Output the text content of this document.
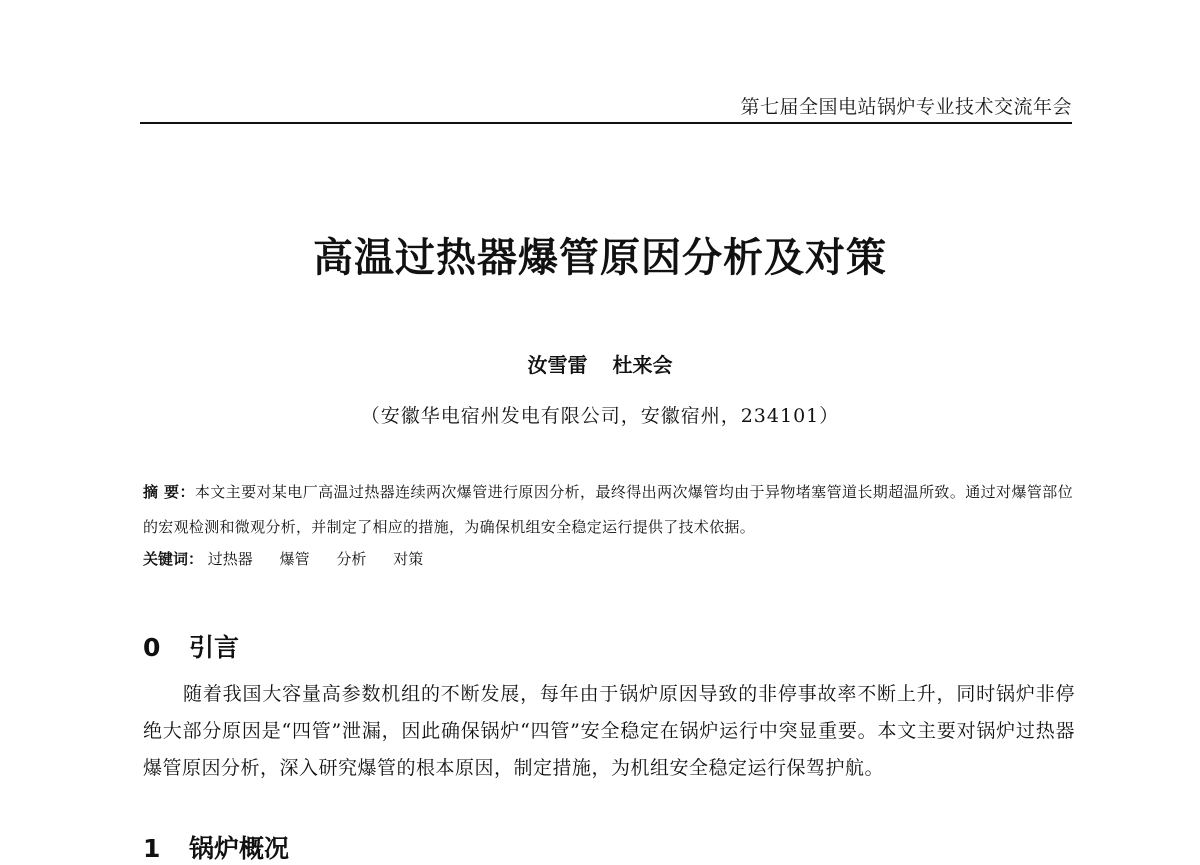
第七届全国电站锅炉专业技术交流年会
高温过热器爆管原因分析及对策
汝雪雷 杜来会
（安徽华电宿州发电有限公司，安徽宿州，234101）
摘 要：本文主要对某电厂高温过热器连续两次爆管进行原因分析，最终得出两次爆管均由于异物堵塞管道长期超温所致。通过对爆管部位的宏观检测和微观分析，并制定了相应的措施，为确保机组安全稳定运行提供了技术依据。
关键词： 过热器 爆管 分析 对策
0 引言
随着我国大容量高参数机组的不断发展，每年由于锅炉原因导致的非停事故率不断上升，同时锅炉非停绝大部分原因是“四管”泄漏，因此确保锅炉“四管”安全稳定在锅炉运行中突显重要。本文主要对锅炉过热器爆管原因分析，深入研究爆管的根本原因，制定措施，为机组安全稳定运行保驾护航。
1 锅炉概况
